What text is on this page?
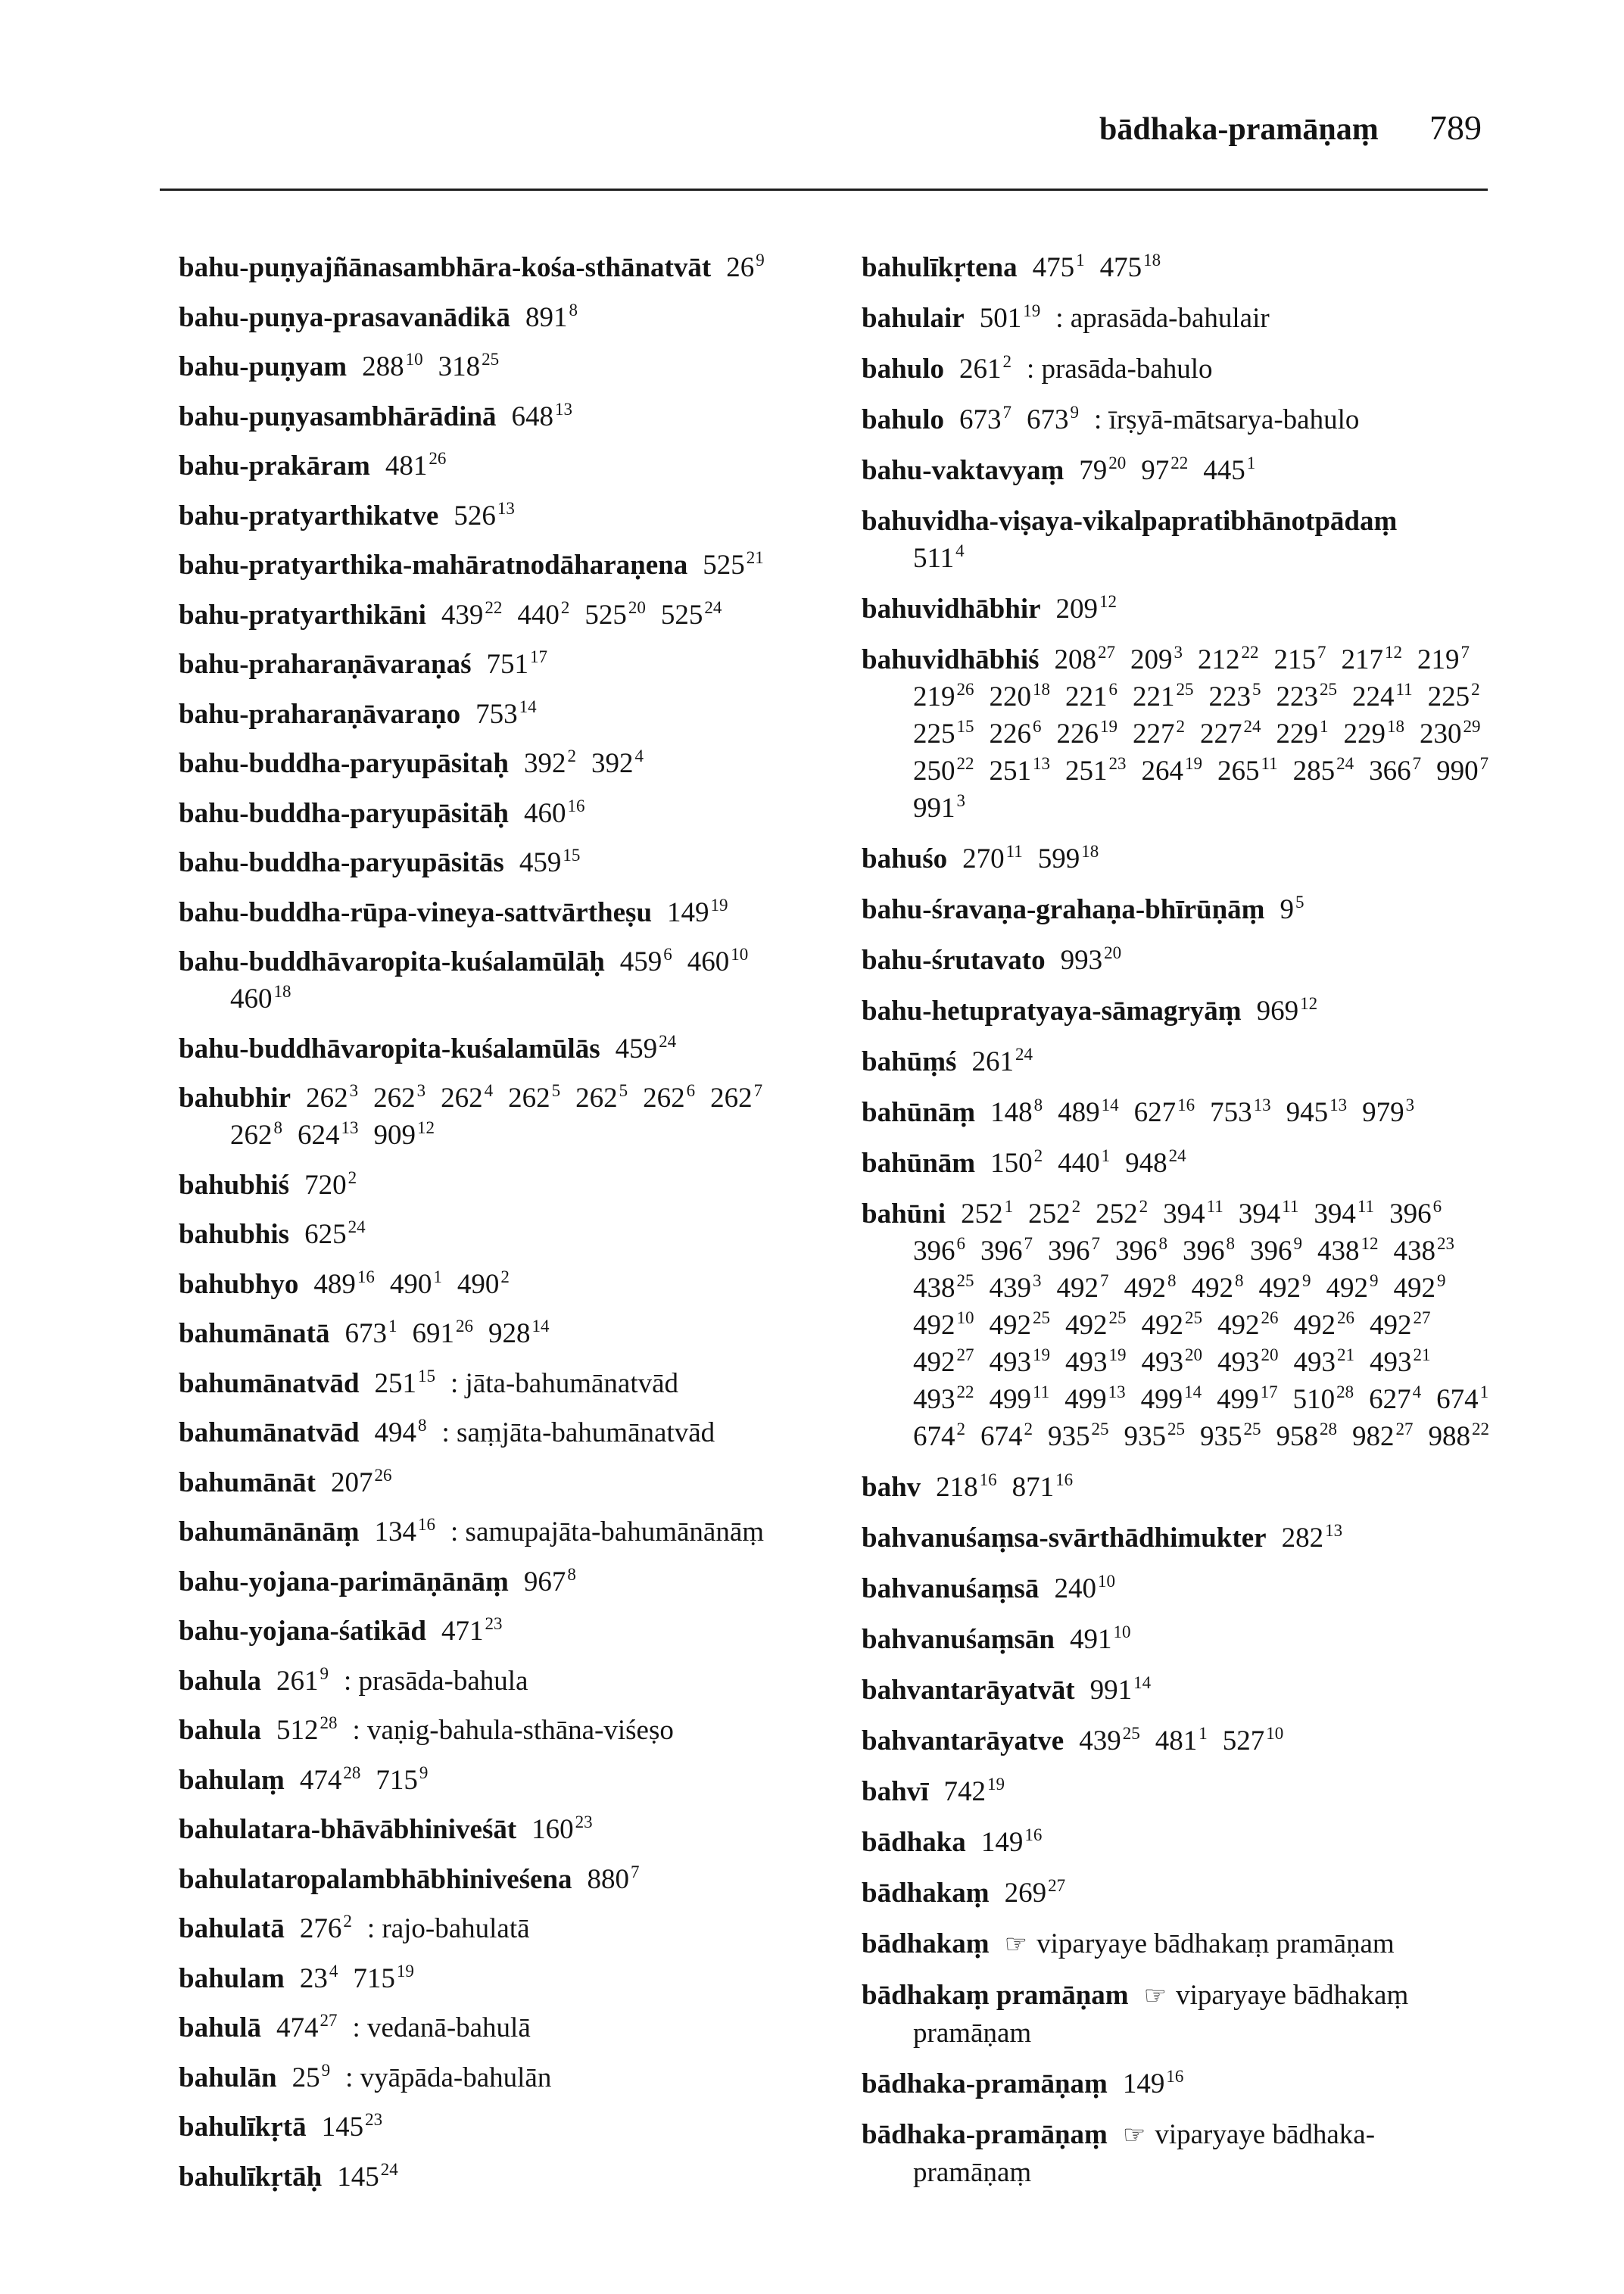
bādhaka-pramāṇaṃ 789
bahu-puṇyajñānasambhāra-kośa-sthānatvāt $26^9$
bahu-puṇya-prasavanādikā $891^8$
bahu-puṇyam $288^{10}$ $318^{25}$
bahu-puṇyasambhārādinā $648^{13}$
bahu-prakāram $481^{26}$
bahu-pratyarthikatve $526^{13}$
bahu-pratyarthika-mahāratnodāharaṇena $525^{21}$
bahu-pratyarthikāni $439^{22}$ $440^2$ $525^{20}$ $525^{24}$
bahu-praharaṇāvaraṇaś $751^{17}$
bahu-praharaṇāvaraṇo $753^{14}$
bahu-buddha-paryupāsitaḥ $392^2$ $392^4$
bahu-buddha-paryupāsitāḥ $460^{16}$
bahu-buddha-paryupāsitās $459^{15}$
bahu-buddha-rūpa-vineya-sattvārtheṣu $149^{19}$
bahu-buddhāvaropita-kuśalamūlāḥ $459^6$ $460^{10}$
$460^{18}$
bahu-buddhāvaropita-kuśalamūlās $459^{24}$
bahubhir $262^3$ $262^3$ $262^4$ $262^5$ $262^5$ $262^6$ $262^7$
$262^8$ $624^{13}$ $909^{12}$
bahubhiś $720^2$
bahubhis $625^{24}$
bahubhyo $489^{16}$ $490^1$ $490^2$
bahumānatā $673^1$ $691^{26}$ $928^{14}$
bahumānatvād $251^{15}$ : jāta-bahumānatvād
bahumānatvād $494^8$ : saṃjāta-bahumānatvād
bahumānāt $207^{26}$
bahumānānāṃ $134^{16}$ : samupajāta-bahumānānāṃ
bahu-yojana-parimāṇānāṃ $967^8$
bahu-yojana-śatikād $471^{23}$
bahula $261^9$ : prasāda-bahula
bahula $512^{28}$ : vaṇig-bahula-sthāna-viśeṣo
bahulaṃ $474^{28}$ $715^9$
bahulatara-bhāvābhiniveśāt $160^{23}$
bahulataropalambhābhiniveśena $880^7$
bahulatā $276^2$ : rajo-bahulatā
bahulam $23^4$ $715^{19}$
bahulā $474^{27}$ : vedanā-bahulā
bahulān $25^9$ : vyāpāda-bahulān
bahulīkṛtā $145^{23}$
bahulīkṛtāḥ $145^{24}$
bahulīkṛtena $475^1$ $475^{18}$
bahulair $501^{19}$ : aprasāda-bahulair
bahulo $261^2$ : prasāda-bahulo
bahulo $673^7$ $673^9$ : īrṣyā-mātsarya-bahulo
bahu-vaktavyaṃ $79^{20}$ $97^{22}$ $445^1$
bahuvidha-viṣaya-vikalpapratibhānotpādaṃ
$511^4$
bahuvidhābhir $209^{12}$
bahuvidhābhiś $208^{27}$ $209^3$ $212^{22}$ $215^7$ $217^{12}$ $219^7$
$219^{26}$ $220^{18}$ $221^6$ $221^{25}$ $223^5$ $223^{25}$ $224^{11}$ $225^2$
$225^{15}$ $226^6$ $226^{19}$ $227^2$ $227^{24}$ $229^1$ $229^{18}$ $230^{29}$
$250^{22}$ $251^{13}$ $251^{23}$ $264^{19}$ $265^{11}$ $285^{24}$ $366^7$ $990^7$
$991^3$
bahuśo $270^{11}$ $599^{18}$
bahu-śravaṇa-grahaṇa-bhīrūṇāṃ $9^5$
bahu-śrutavato $993^{20}$
bahu-hetupratyaya-sāmagryāṃ $969^{12}$
bahūṃś $261^{24}$
bahūnāṃ $148^8$ $489^{14}$ $627^{16}$ $753^{13}$ $945^{13}$ $979^3$
bahūnām $150^2$ $440^1$ $948^{24}$
bahūni $252^1$ $252^2$ $252^2$ $394^{11}$ $394^{11}$ $394^{11}$ $396^6$
$396^6$ $396^7$ $396^7$ $396^8$ $396^8$ $396^9$ $438^{12}$ $438^{23}$
$438^{25}$ $439^3$ $492^7$ $492^8$ $492^8$ $492^9$ $492^9$ $492^9$
$492^{10}$ $492^{25}$ $492^{25}$ $492^{25}$ $492^{26}$ $492^{26}$ $492^{27}$
$492^{27}$ $493^{19}$ $493^{19}$ $493^{20}$ $493^{20}$ $493^{21}$ $493^{21}$
$493^{22}$ $499^{11}$ $499^{13}$ $499^{14}$ $499^{17}$ $510^{28}$ $627^4$ $674^1$
$674^2$ $674^2$ $935^{25}$ $935^{25}$ $935^{25}$ $958^{28}$ $982^{27}$ $988^{22}$
bahv $218^{16}$ $871^{16}$
bahvanuśaṃsa-svārthādhimukter $282^{13}$
bahvanuśaṃsā $240^{10}$
bahvanuśaṃsān $491^{10}$
bahvantarāyatvāt $991^{14}$
bahvantarāyatve $439^{25}$ $481^1$ $527^{10}$
bahvī $742^{19}$
bādhaka $149^{16}$
bādhakaṃ $269^{27}$
bādhakaṃ ☞ viparyaye bādhakaṃ pramāṇam
bādhakaṃ pramāṇam ☞ viparyaye bādhakaṃ
pramāṇam
bādhaka-pramāṇaṃ $149^{16}$
bādhaka-pramāṇaṃ ☞ viparyaye bādhaka-
pramāṇaṃ
